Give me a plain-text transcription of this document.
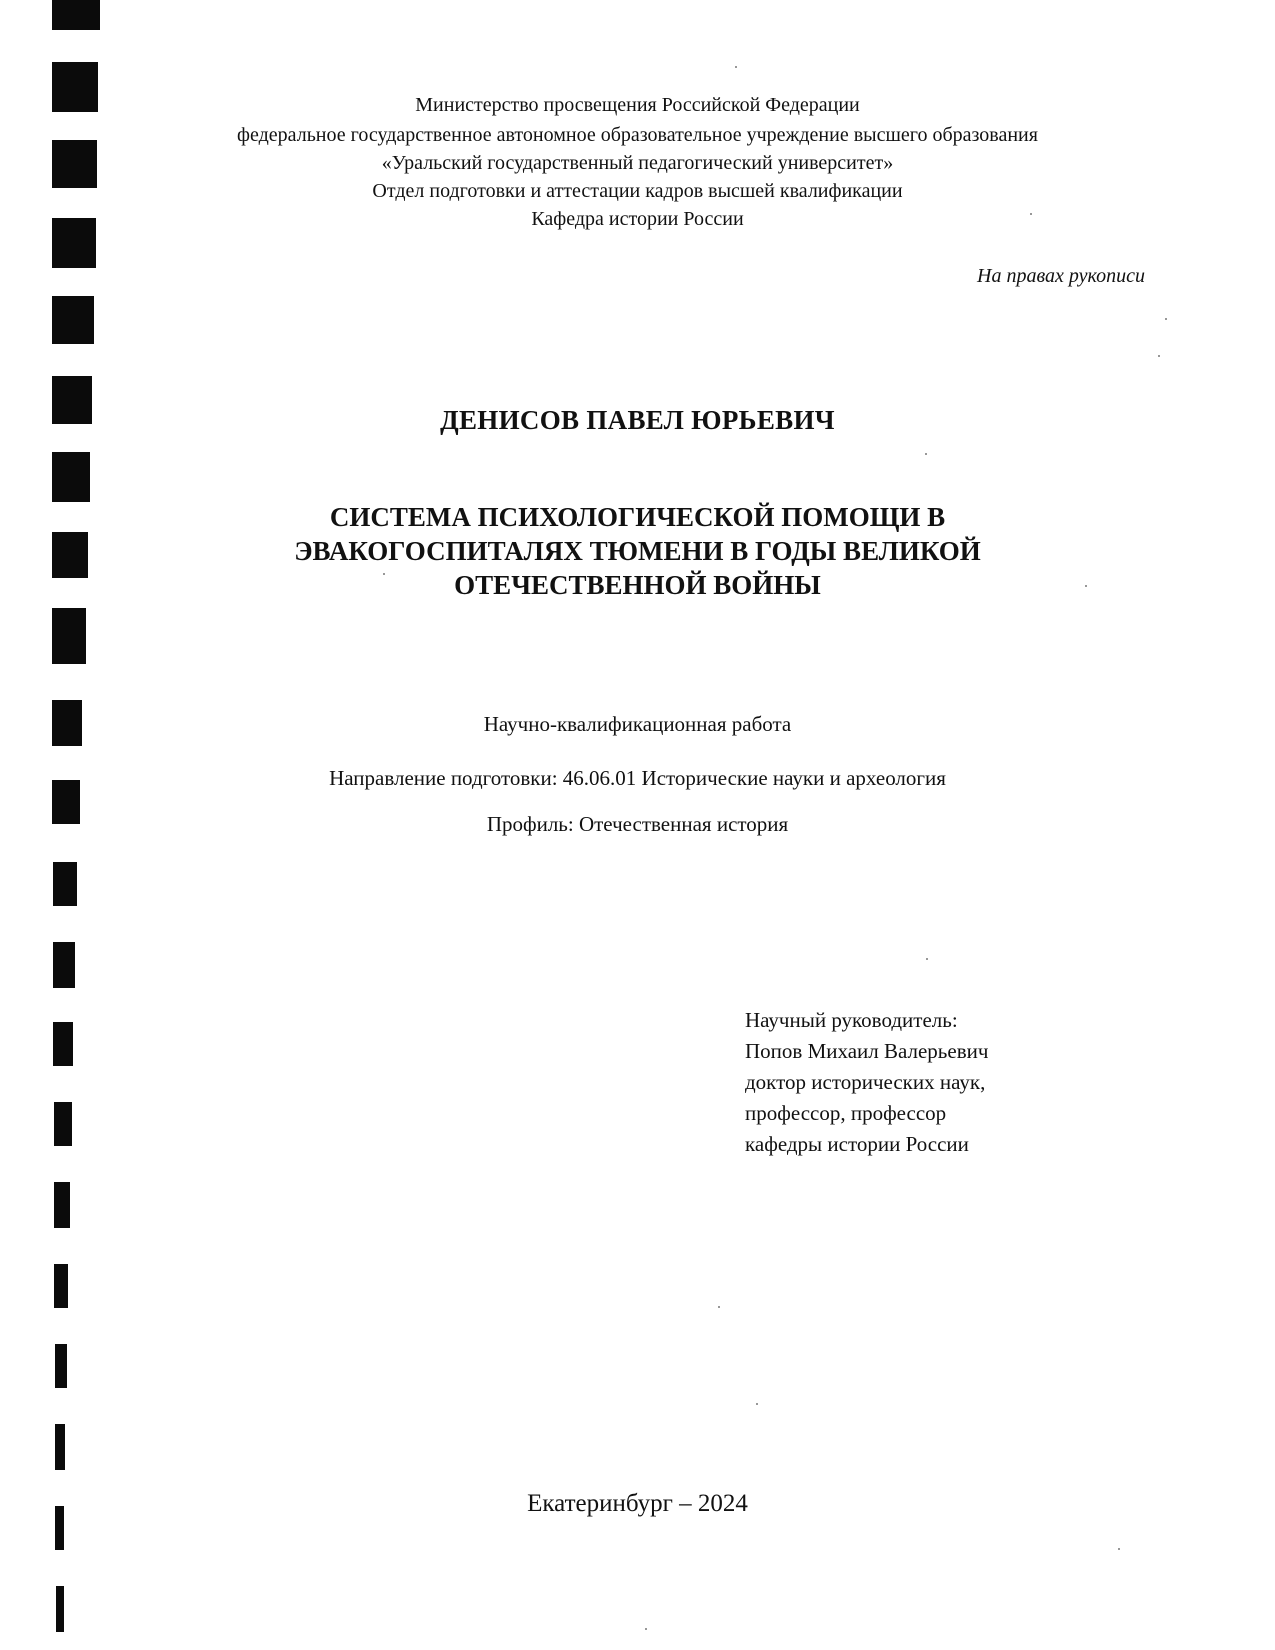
Министерство просвещения Российской Федерации
федеральное государственное автономное образовательное учреждение высшего образования
«Уральский государственный педагогический университет»
Отдел подготовки и аттестации кадров высшей квалификации
Кафедра истории России
На правах рукописи
ДЕНИСОВ ПАВЕЛ ЮРЬЕВИЧ
СИСТЕМА ПСИХОЛОГИЧЕСКОЙ ПОМОЩИ В
ЭВАКОГОСПИТАЛЯХ ТЮМЕНИ В ГОДЫ ВЕЛИКОЙ
ОТЕЧЕСТВЕННОЙ ВОЙНЫ
Научно-квалификационная работа
Направление подготовки: 46.06.01 Исторические науки и археология
Профиль: Отечественная история
Научный руководитель:
Попов Михаил Валерьевич
доктор исторических наук,
профессор, профессор
кафедры истории России
Екатеринбург – 2024
